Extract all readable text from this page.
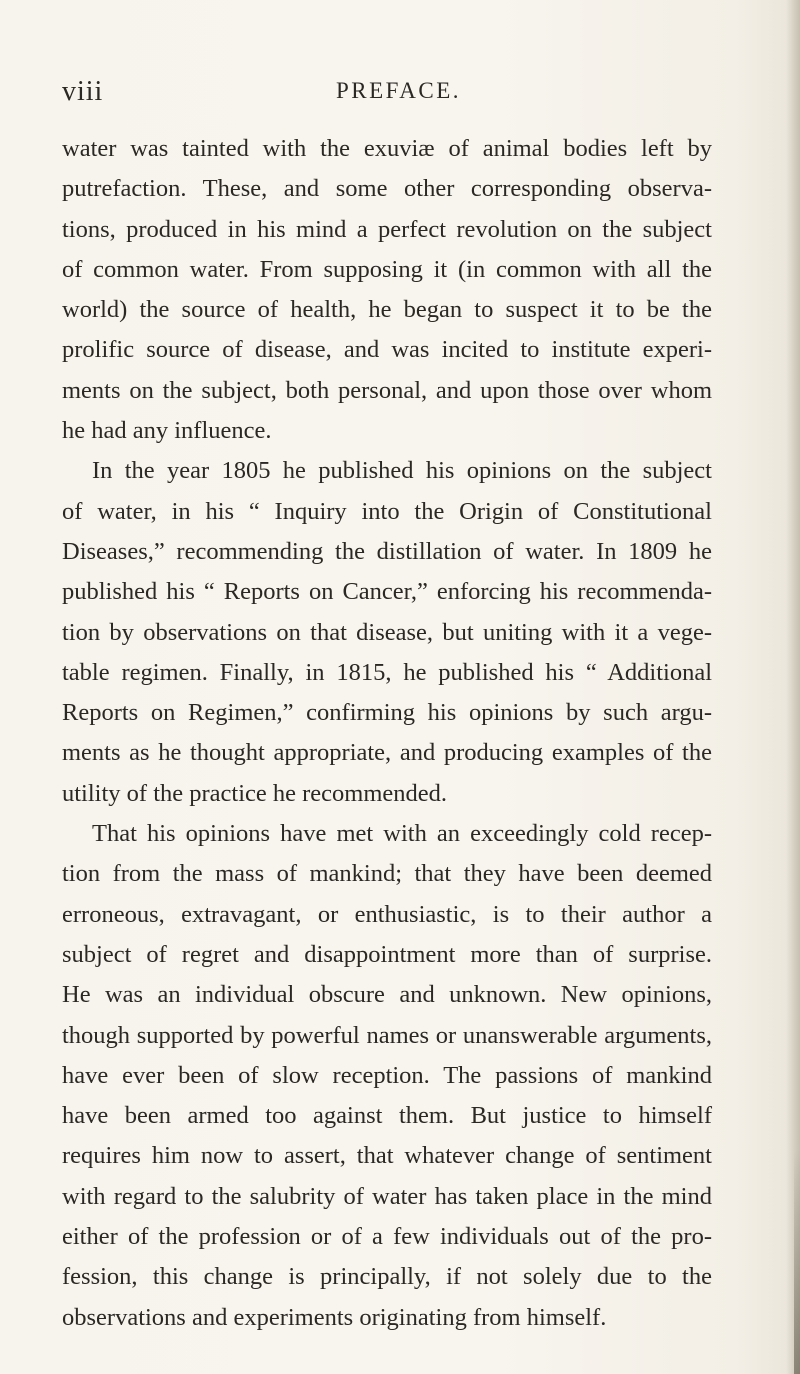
viii	PREFACE.
water was tainted with the exuviæ of animal bodies left by
putrefaction. These, and some other corresponding observa-
tions, produced in his mind a perfect revolution on the subject
of common water. From supposing it (in common with all the
world) the source of health, he began to suspect it to be the
prolific source of disease, and was incited to institute experi-
ments on the subject, both personal, and upon those over whom
he had any influence.
In the year 1805 he published his opinions on the subject
of water, in his “ Inquiry into the Origin of Constitutional
Diseases,” recommending the distillation of water. In 1809 he
published his “ Reports on Cancer,” enforcing his recommenda-
tion by observations on that disease, but uniting with it a vege-
table regimen. Finally, in 1815, he published his “ Additional
Reports on Regimen,” confirming his opinions by such argu-
ments as he thought appropriate, and producing examples of the
utility of the practice he recommended.
That his opinions have met with an exceedingly cold recep-
tion from the mass of mankind; that they have been deemed
erroneous, extravagant, or enthusiastic, is to their author a
subject of regret and disappointment more than of surprise.
He was an individual obscure and unknown. New opinions,
though supported by powerful names or unanswerable arguments,
have ever been of slow reception. The passions of mankind
have been armed too against them. But justice to himself
requires him now to assert, that whatever change of sentiment
with regard to the salubrity of water has taken place in the mind
either of the profession or of a few individuals out of the pro-
fession, this change is principally, if not solely due to the
observations and experiments originating from himself.
